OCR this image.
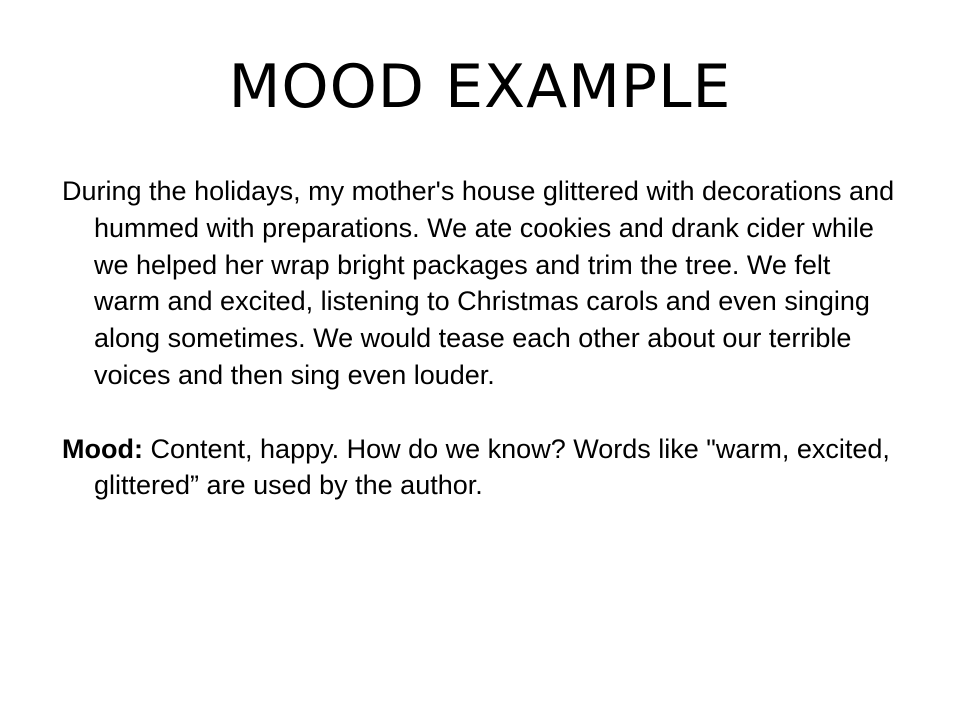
MOOD EXAMPLE

During the holidays, my mother's house glittered with decorations and hummed with preparations. We ate cookies and drank cider while we helped her wrap bright packages and trim the tree. We felt warm and excited, listening to Christmas carols and even singing along sometimes. We would tease each other about our terrible voices and then sing even louder.

Mood: Content, happy. How do we know? Words like "warm, excited, glittered” are used by the author.
